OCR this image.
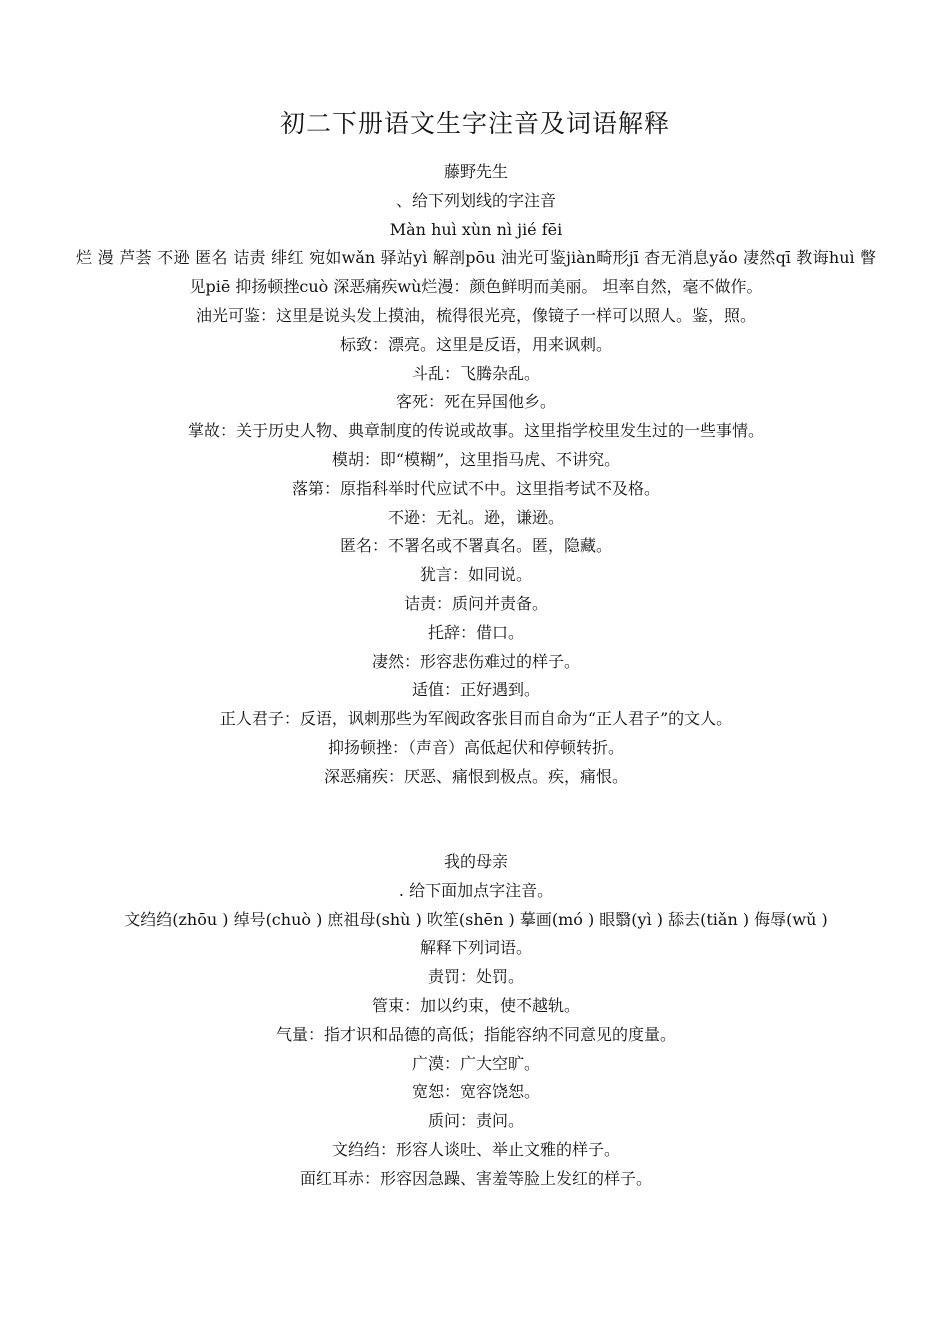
初二下册语文生字注音及词语解释

藤野先生

、给下列划线的字注音

Màn huì xùn nì jié fēi

烂 漫 芦荟 不逊 匿名 诘责 绯红 宛如wǎn 驿站yì 解剖pōu 油光可鉴jiàn畸形jī 杳无消息yǎo 凄然qī 教诲huì 瞥见piē 抑扬顿挫cuò 深恶痛疾wù烂漫：颜色鲜明而美丽。 坦率自然，毫不做作。

油光可鉴：这里是说头发上摸油，梳得很光亮，像镜子一样可以照人。鉴，照。

标致：漂亮。这里是反语，用来讽刺。

斗乱：飞腾杂乱。

客死：死在异国他乡。

掌故：关于历史人物、典章制度的传说或故事。这里指学校里发生过的一些事情。

模胡：即“模糊”，这里指马虎、不讲究。

落第：原指科举时代应试不中。这里指考试不及格。

不逊：无礼。逊，谦逊。

匿名：不署名或不署真名。匿，隐藏。

犹言：如同说。

诘责：质问并责备。

托辞：借口。

凄然：形容悲伤难过的样子。

适值：正好遇到。

正人君子：反语，讽刺那些为军阀政客张目而自命为“正人君子”的文人。

抑扬顿挫：（声音）高低起伏和停顿转折。

深恶痛疾：厌恶、痛恨到极点。疾，痛恨。

我的母亲

. 给下面加点字注音。

文绉绉(zhōu ) 绰号(chuò ) 庶祖母(shù ) 吹笙(shēn ) 摹画(mó ) 眼翳(yì ) 舔去(tiǎn ) 侮辱(wǔ )

解释下列词语。

责罚：处罚。

管束：加以约束，使不越轨。

气量：指才识和品德的高低；指能容纳不同意见的度量。

广漠：广大空旷。

宽恕：宽容饶恕。

质问：责问。

文绉绉：形容人谈吐、举止文雅的样子。

面红耳赤：形容因急躁、害羞等脸上发红的样子。
